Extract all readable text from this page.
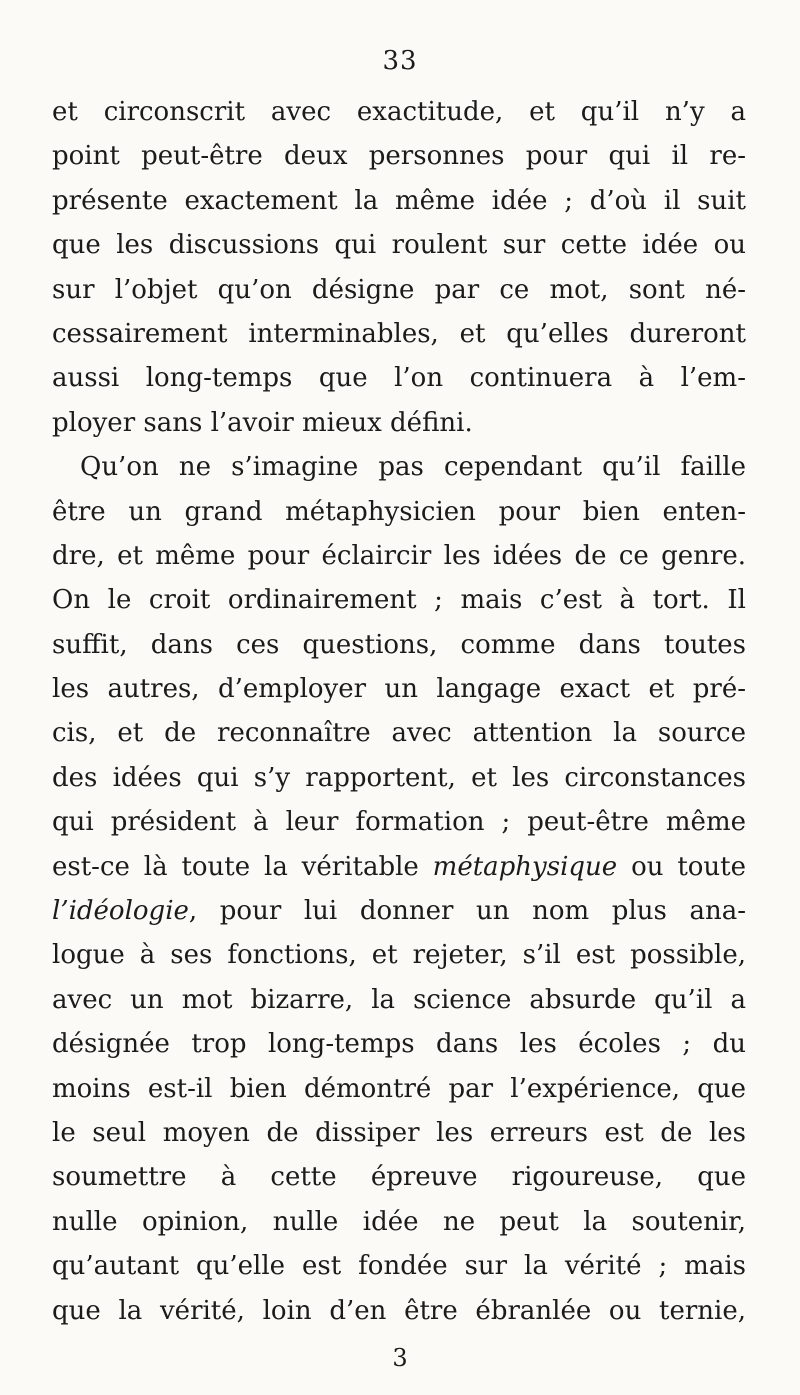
33
et circonscrit avec exactitude, et qu’il n’y a
point peut-être deux personnes pour qui il re-
présente exactement la même idée ; d’où il suit
que les discussions qui roulent sur cette idée ou
sur l’objet qu’on désigne par ce mot, sont né-
cessairement interminables, et qu’elles dureront
aussi long-temps que l’on continuera à l’em-
ployer sans l’avoir mieux défini.
Qu’on ne s’imagine pas cependant qu’il faille
être un grand métaphysicien pour bien enten-
dre, et même pour éclaircir les idées de ce genre.
On le croit ordinairement ; mais c’est à tort. Il
suffit, dans ces questions, comme dans toutes
les autres, d’employer un langage exact et pré-
cis, et de reconnaître avec attention la source
des idées qui s’y rapportent, et les circonstances
qui président à leur formation ; peut-être même
est-ce là toute la véritable métaphysique ou toute
l’idéologie, pour lui donner un nom plus ana-
logue à ses fonctions, et rejeter, s’il est possible,
avec un mot bizarre, la science absurde qu’il a
désignée trop long-temps dans les écoles ; du
moins est-il bien démontré par l’expérience, que
le seul moyen de dissiper les erreurs est de les
soumettre à cette épreuve rigoureuse, que
nulle opinion, nulle idée ne peut la soutenir,
qu’autant qu’elle est fondée sur la vérité ; mais
que la vérité, loin d’en être ébranlée ou ternie,
3
